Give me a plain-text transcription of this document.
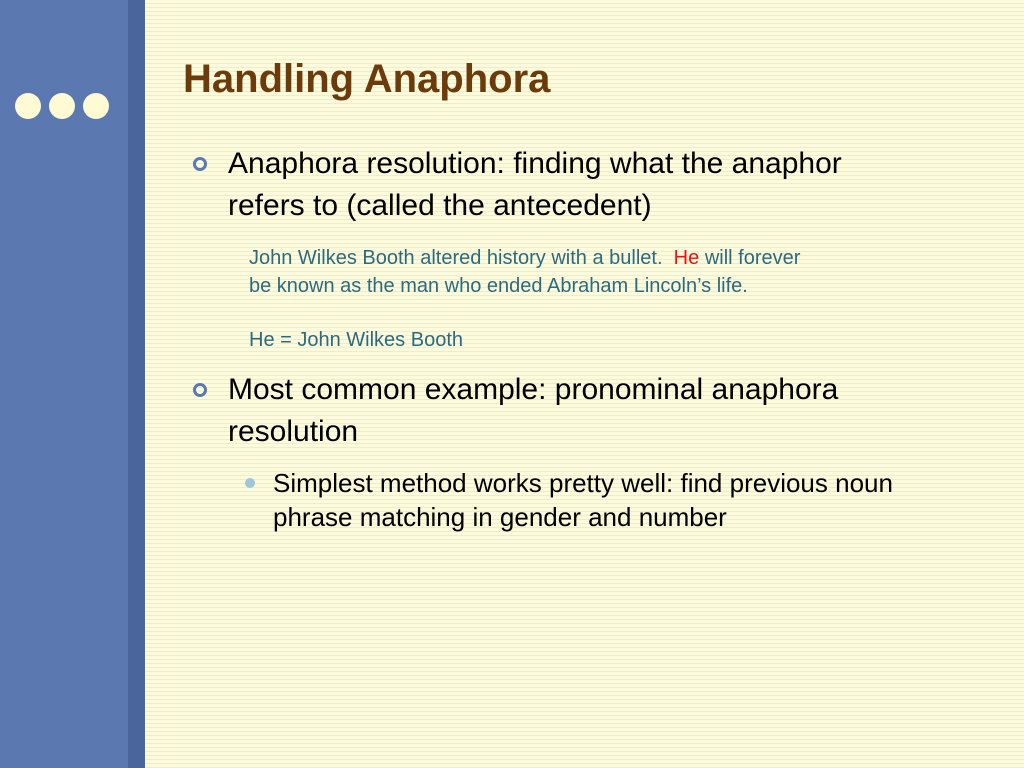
Handling Anaphora
Anaphora resolution: finding what the anaphor
refers to (called the antecedent)
John Wilkes Booth altered history with a bullet. He will forever
be known as the man who ended Abraham Lincoln’s life.
He = John Wilkes Booth
Most common example: pronominal anaphora
resolution
Simplest method works pretty well: find previous noun
phrase matching in gender and number
